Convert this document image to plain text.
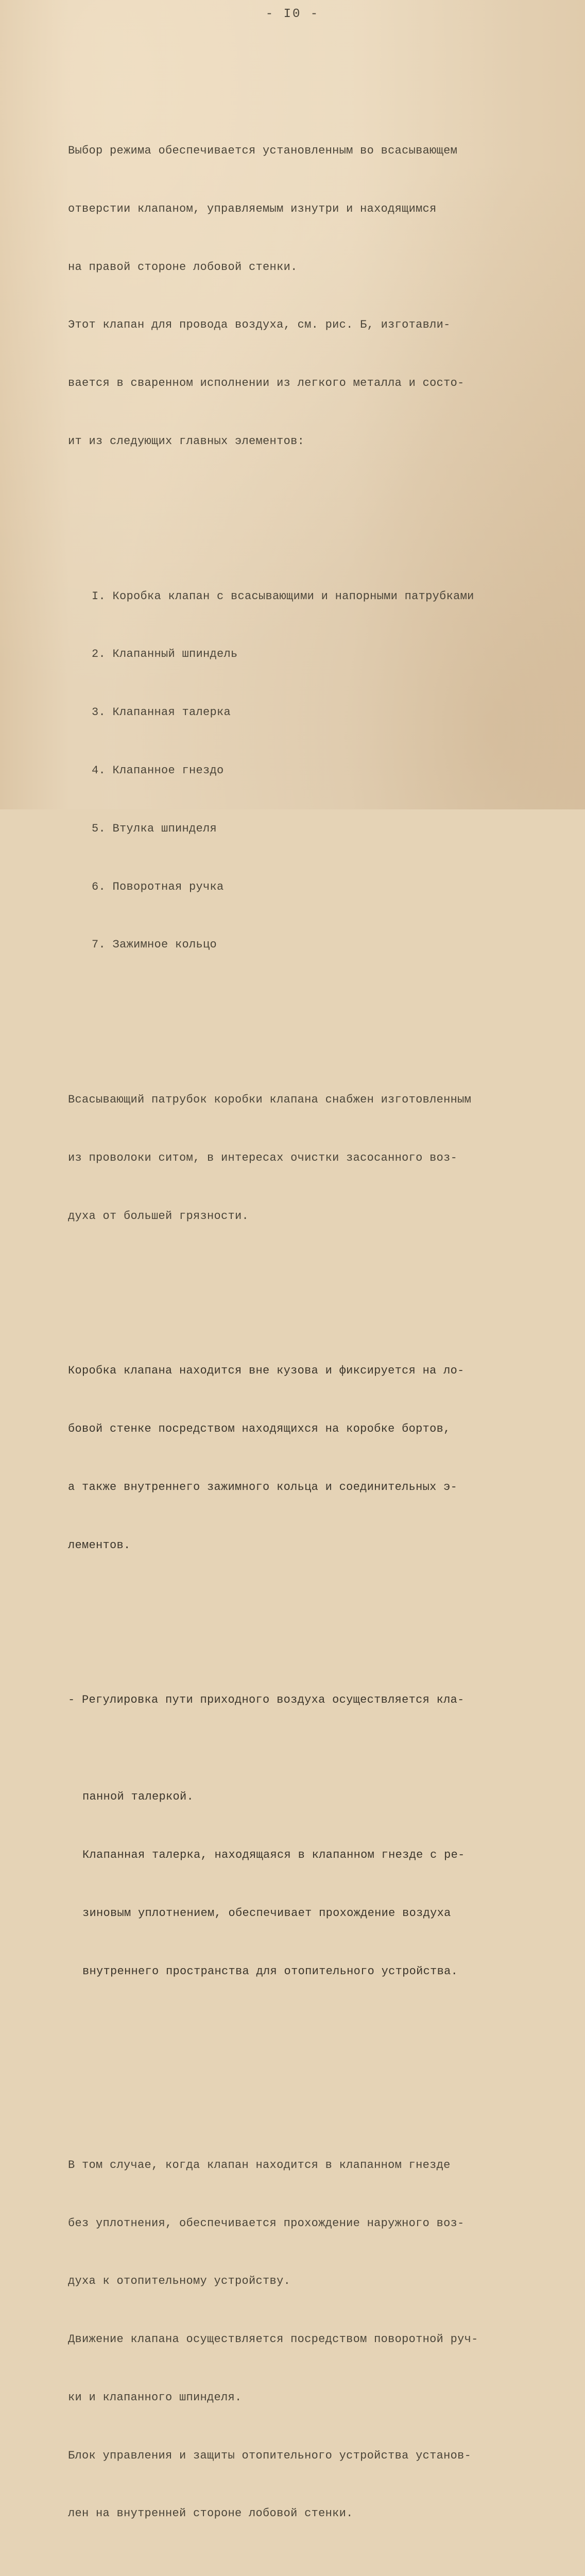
- I0 -

Выбор режима обеспечивается установленным во всасывающем

отверстии клапаном, управляемым изнутри и находящимся

на правой стороне лобовой стенки.

Этот клапан для провода воздуха, см. рис. Б, изготавли-

вается в сваренном исполнении из легкого металла и состо-

ит из следующих главных элементов:

I. Коробка клапан с всасывающими и напорными патрубками

2. Клапанный шпиндель

3. Клапанная талерка

4. Клапанное гнездо

5. Втулка шпинделя

6. Поворотная ручка

7. Зажимное кольцо

Всасывающий патрубок коробки клапана снабжен изготовленным

из проволоки ситом, в интересах очистки засосанного воз-

духа от большей грязности.

Коробка клапана находится вне кузова и фиксируется на ло-

бовой стенке посредством находящихся на коробке бортов,

а также внутреннего зажимного кольца и соединительных э-

лементов.

- Регулировка пути приходного воздуха осуществляется кла-

панной талеркой.

Клапанная талерка, находящаяся в клапанном гнезде с ре-

зиновым уплотнением, обеспечивает прохождение воздуха

внутреннего пространства для отопительного устройства.

В том случае, когда клапан находится в клапанном гнезде

без уплотнения, обеспечивается прохождение наружного воз-

духа к отопительному устройству.

Движение клапана осуществляется посредством поворотной руч-

ки и клапанного шпинделя.

Блок управления и защиты отопительного устройства установ-

лен на внутренней стороне лобовой стенки.
